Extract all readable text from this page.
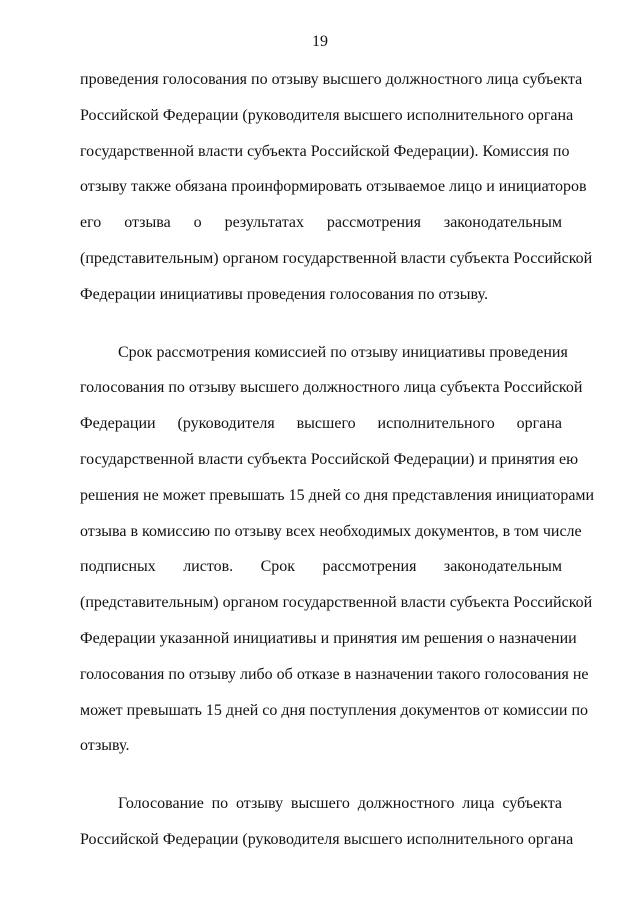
19
проведения голосования по отзыву высшего должностного лица субъекта
Российской Федерации (руководителя высшего исполнительного органа
государственной власти субъекта Российской Федерации). Комиссия по
отзыву также обязана проинформировать отзываемое лицо и инициаторов
его отзыва о результатах рассмотрения законодательным
(представительным) органом государственной власти субъекта Российской
Федерации инициативы проведения голосования по отзыву.
Срок рассмотрения комиссией по отзыву инициативы проведения
голосования по отзыву высшего должностного лица субъекта Российской
Федерации (руководителя высшего исполнительного органа
государственной власти субъекта Российской Федерации) и принятия ею
решения не может превышать 15 дней со дня представления инициаторами
отзыва в комиссию по отзыву всех необходимых документов, в том числе
подписных листов. Срок рассмотрения законодательным
(представительным) органом государственной власти субъекта Российской
Федерации указанной инициативы и принятия им решения о назначении
голосования по отзыву либо об отказе в назначении такого голосования не
может превышать 15 дней со дня поступления документов от комиссии по
отзыву.
Голосование по отзыву высшего должностного лица субъекта
Российской Федерации (руководителя высшего исполнительного органа
